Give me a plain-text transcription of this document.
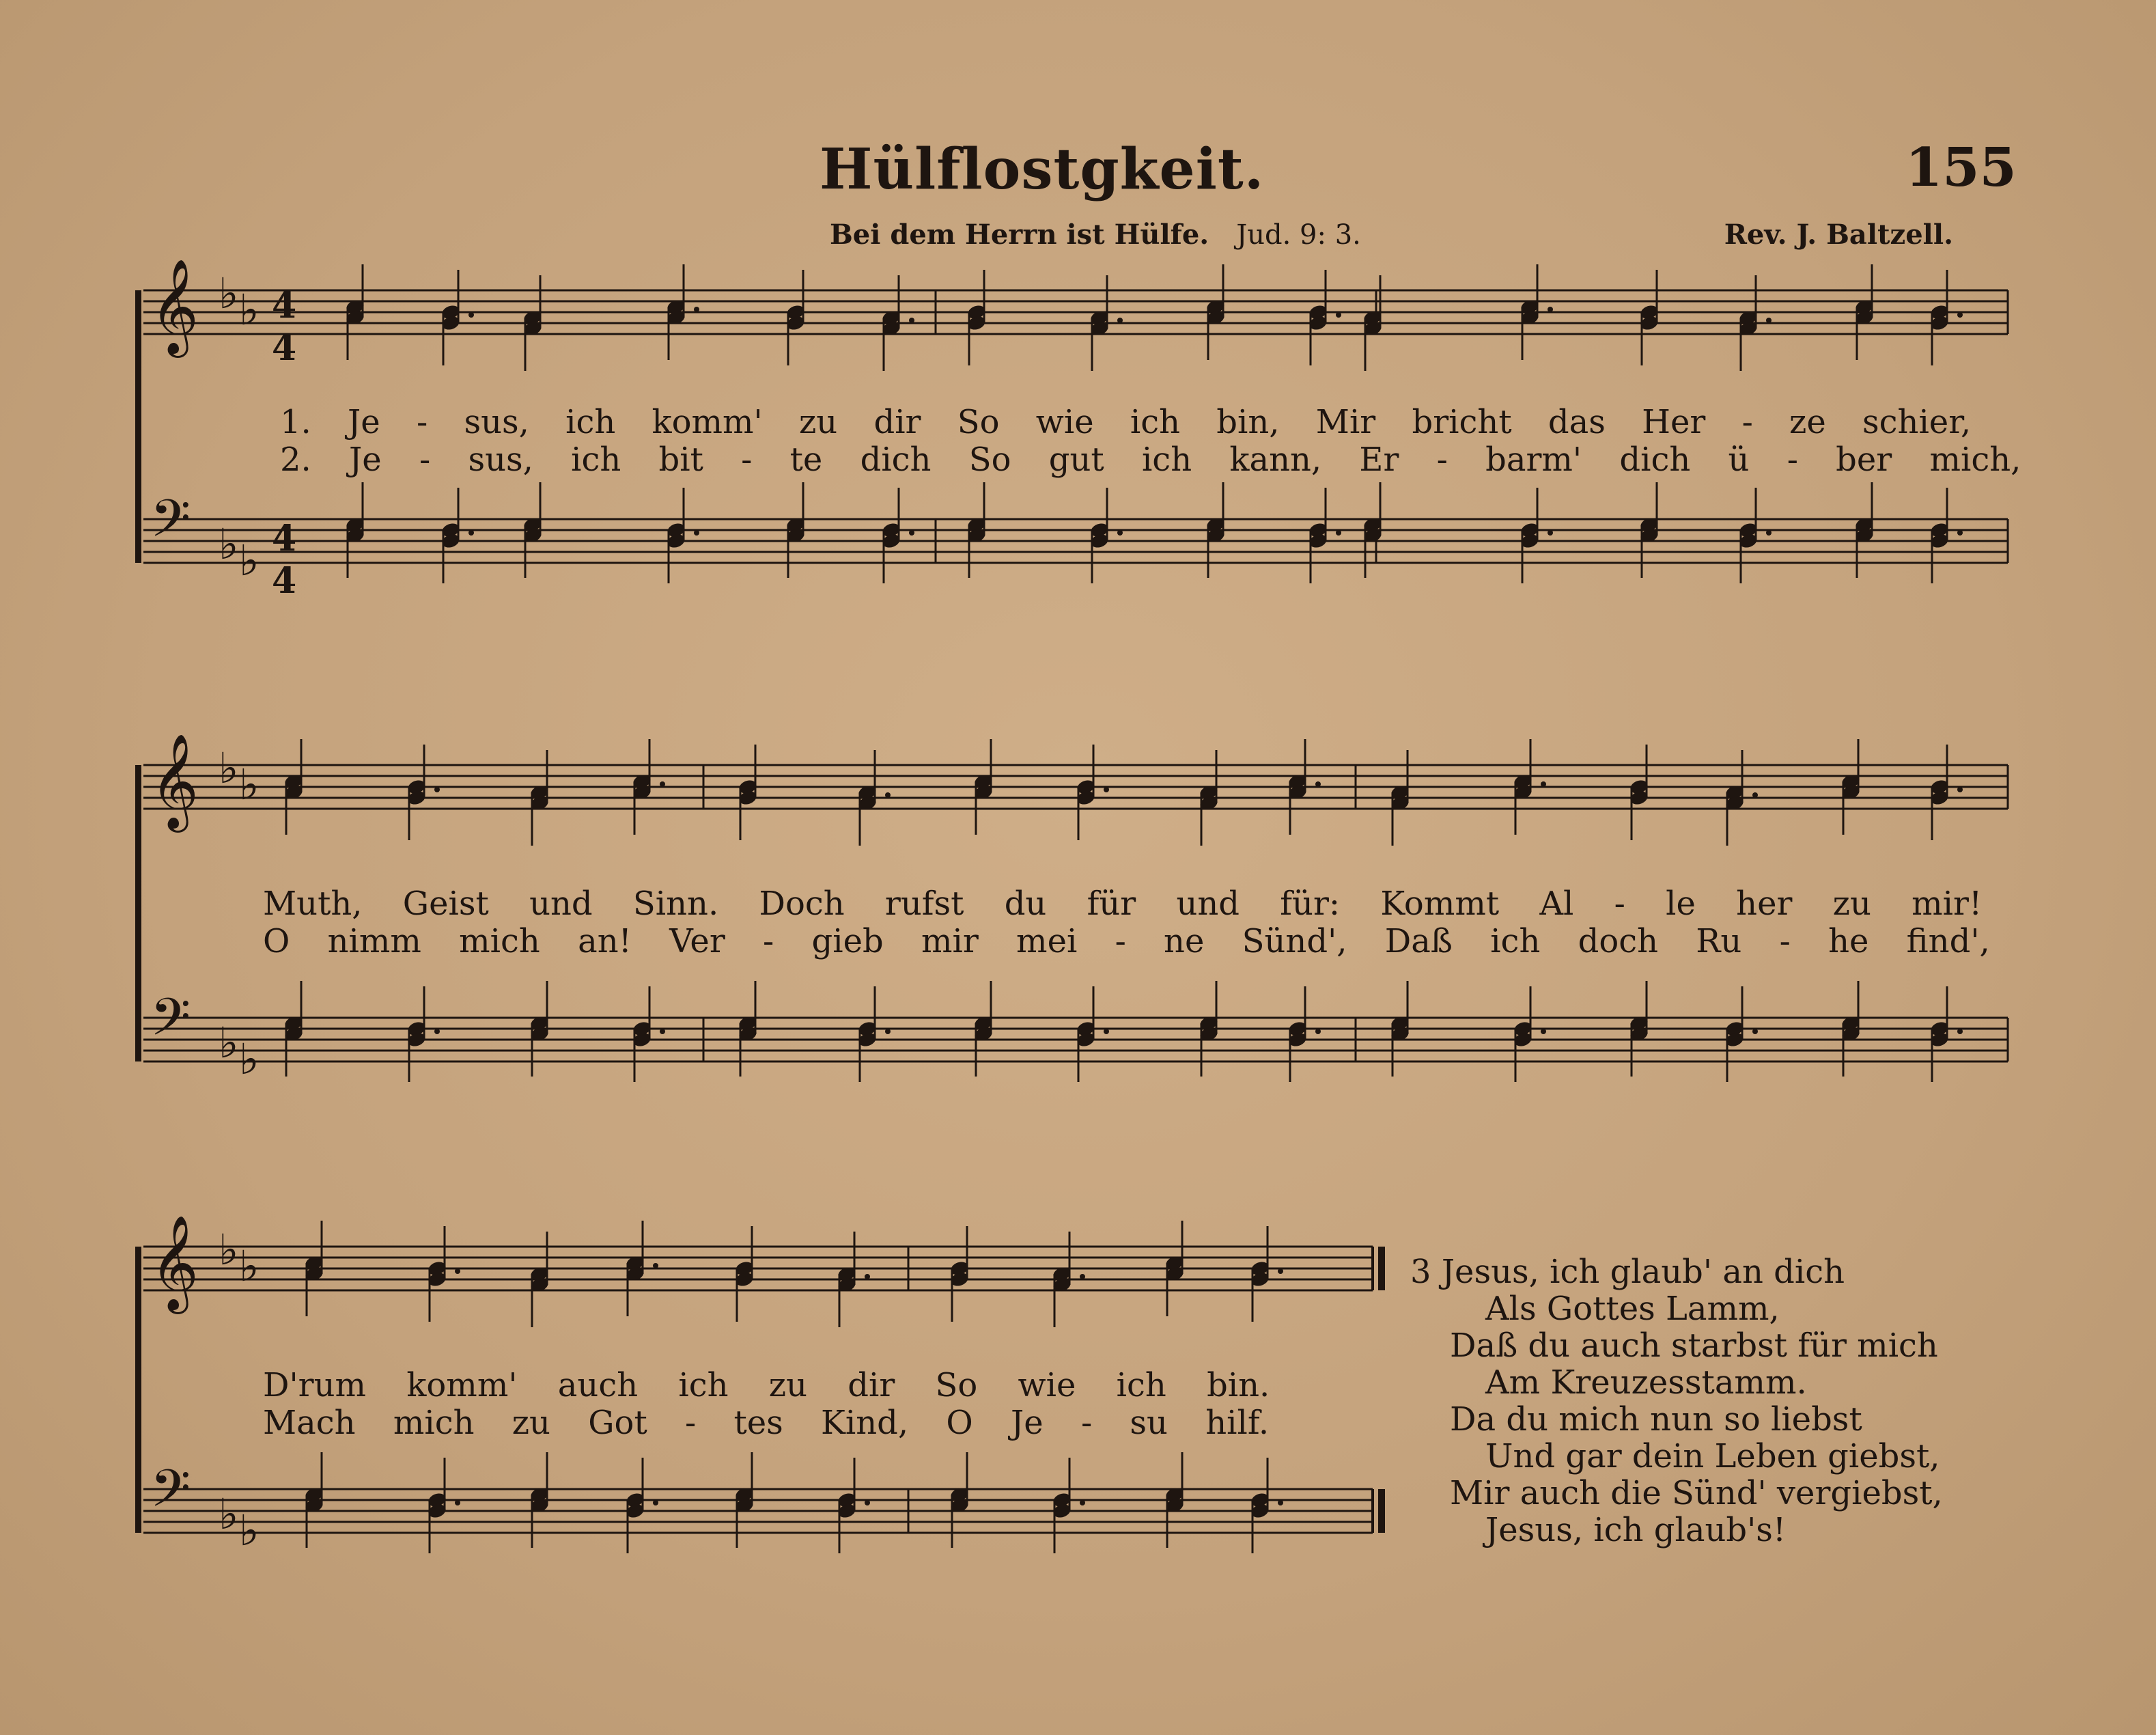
Hülflostgkeit.	155
Bei dem Herrn ist Hülfe. Jud. 9: 3.	Rev. J. Baltzell.
𝄞 ♭ ♭
𝄢 ♭ ♭
𝄞 ♭ ♭
𝄢 ♭ ♭
𝄞 ♭ ♭
𝄢 ♭ ♭
4
4
4
4
1. Je - sus, ich komm' zu dir So wie ich bin, Mir bricht das Her - ze schier,
2. Je - sus, ich bit - te dich So gut ich kann, Er - barm' dich ü - ber mich,
Muth, Geist und Sinn. Doch rufst du für und für: Kommt Al - le her zu mir!
O nimm mich an! Ver - gieb mir mei - ne Sünd', Daß ich doch Ru - he find',
D'rum komm' auch ich zu dir So wie ich bin.
Mach mich zu Got - tes Kind, O Je - su hilf.
3 Jesus, ich glaub' an dich
Als Gottes Lamm,
Daß du auch starbst für mich
Am Kreuzesstamm.
Da du mich nun so liebst
Und gar dein Leben giebst,
Mir auch die Sünd' vergiebst,
Jesus, ich glaub's!
